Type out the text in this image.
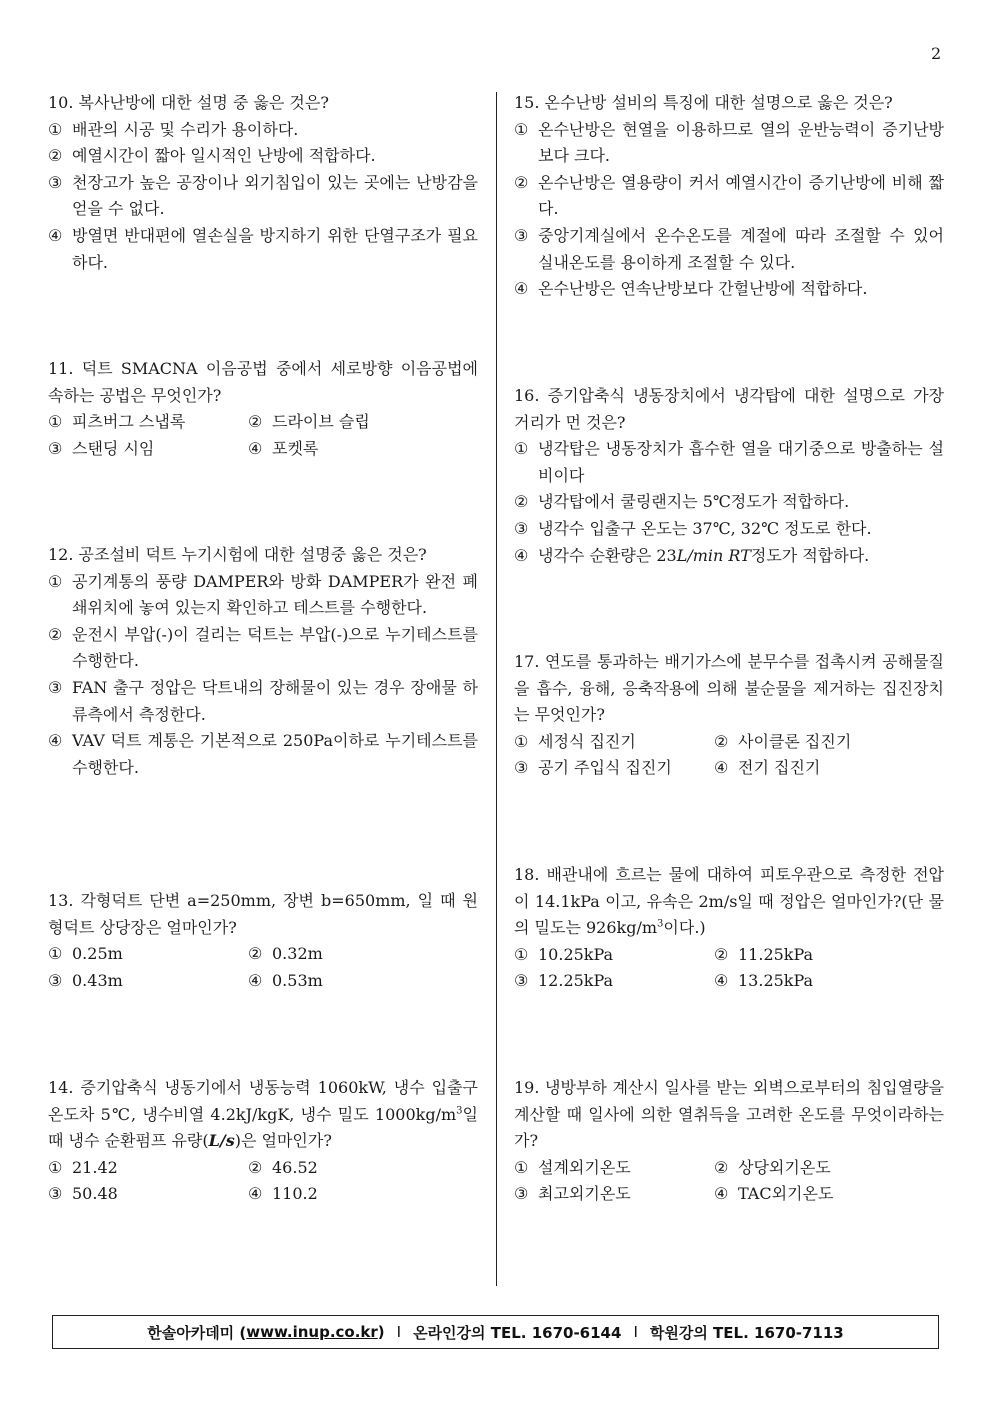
2
10. 복사난방에 대한 설명 중 옳은 것은?
① 배관의 시공 및 수리가 용이하다.
② 예열시간이 짧아 일시적인 난방에 적합하다.
③ 천장고가 높은 공장이나 외기침입이 있는 곳에는 난방감을 얻을 수 없다.
④ 방열면 반대편에 열손실을 방지하기 위한 단열구조가 필요하다.
11. 덕트 SMACNA 이음공법 중에서 세로방향 이음공법에 속하는 공법은 무엇인가?
① 피츠버그 스냅록	② 드라이브 슬립
③ 스탠딩 시임	④ 포켓록
12. 공조설비 덕트 누기시험에 대한 설명중 옳은 것은?
① 공기계통의 풍량 DAMPER와 방화 DAMPER가 완전 폐쇄위치에 놓여 있는지 확인하고 테스트를 수행한다.
② 운전시 부압(-)이 걸리는 덕트는 부압(-)으로 누기테스트를 수행한다.
③ FAN 출구 정압은 닥트내의 장해물이 있는 경우 장애물 하류측에서 측정한다.
④ VAV 덕트 계통은 기본적으로 250Pa이하로 누기테스트를 수행한다.
13. 각형덕트 단변 a=250mm, 장변 b=650mm, 일 때 원형덕트 상당장은 얼마인가?
① 0.25m	② 0.32m
③ 0.43m	④ 0.53m
14. 증기압축식 냉동기에서 냉동능력 1060kW, 냉수 입출구 온도차 5℃, 냉수비열 4.2kJ/kgK, 냉수 밀도 $1000kg/m^3$일 때 냉수 순환펌프 유량(L/s)은 얼마인가?
① 21.42	② 46.52
③ 50.48	④ 110.2
15. 온수난방 설비의 특징에 대한 설명으로 옳은 것은?
① 온수난방은 현열을 이용하므로 열의 운반능력이 증기난방보다 크다.
② 온수난방은 열용량이 커서 예열시간이 증기난방에 비해 짧다.
③ 중앙기계실에서 온수온도를 계절에 따라 조절할 수 있어 실내온도를 용이하게 조절할 수 있다.
④ 온수난방은 연속난방보다 간헐난방에 적합하다.
16. 증기압축식 냉동장치에서 냉각탑에 대한 설명으로 가장 거리가 먼 것은?
① 냉각탑은 냉동장치가 흡수한 열을 대기중으로 방출하는 설비이다
② 냉각탑에서 쿨링랜지는 5℃정도가 적합하다.
③ 냉각수 입출구 온도는 37℃, 32℃ 정도로 한다.
④ 냉각수 순환량은 23L/min RT정도가 적합하다.
17. 연도를 통과하는 배기가스에 분무수를 접촉시켜 공해물질을 흡수, 융해, 응축작용에 의해 불순물을 제거하는 집진장치는 무엇인가?
① 세정식 집진기	② 사이클론 집진기
③ 공기 주입식 집진기	④ 전기 집진기
18. 배관내에 흐르는 물에 대하여 피토우관으로 측정한 전압이 14.1kPa 이고, 유속은 2m/s일 때 정압은 얼마인가?(단 물의 밀도는 $926kg/m^3$이다.)
① 10.25kPa	② 11.25kPa
③ 12.25kPa	④ 13.25kPa
19. 냉방부하 계산시 일사를 받는 외벽으로부터의 침입열량을 계산할 때 일사에 의한 열취득을 고려한 온도를 무엇이라하는가?
① 설계외기온도	② 상당외기온도
③ 최고외기온도	④ TAC외기온도
한솔아카데미 ( www.inup.co.kr ) I 온라인강의 TEL. 1670-6144 I 학원강의 TEL. 1670-7113
